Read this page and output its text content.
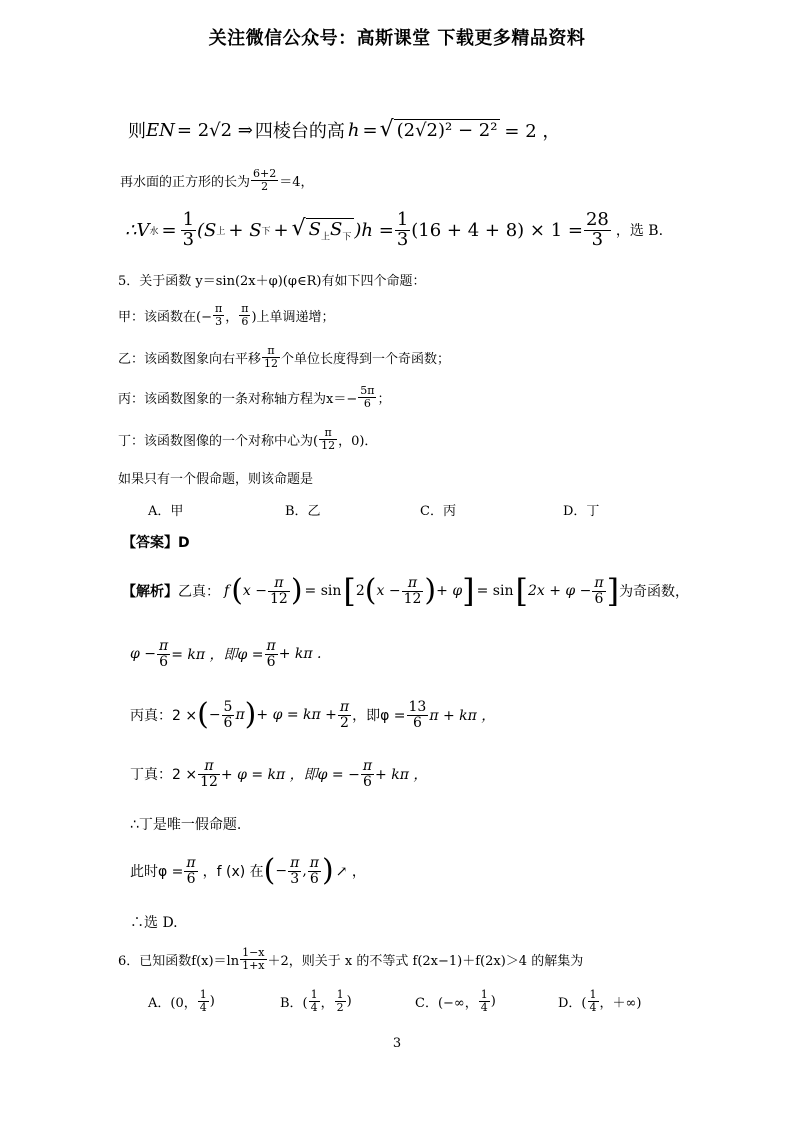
关注微信公众号：高斯课堂 下载更多精品资料
则 EN = 2√2 ⇒ 四棱台的高 h = √ (2√2)² − 2² = 2 ，
再水面的正方形的长为 $\frac{6+2}{2} =4$，
∴V 水 = $\frac{1}{3} (S$ 上 + S 下 + √ $S_上S_下$ )$h = \frac{1}{3} (16 + 4 + 8) \times 1 = \frac{28}{3}$ ，选 B.
5．关于函数 y＝sin(2x＋φ)(φ∈R)有如下四个命题：
甲：该函数在(− $\frac{\pi}{3}$ ， $\frac{\pi}{6}$ )上单调递增；
乙：该函数图象向右平移 $\frac{\pi}{12}$ 个单位长度得到一个奇函数；
丙：该函数图象的一条对称轴方程为$x=- \frac{5\pi}{6}$ ；
丁：该函数图像的一个对称中心为( $\frac{\pi}{12}$ ，0)．
如果只有一个假命题，则该命题是
A．甲	B．乙	C．丙	D．丁
【答案】D
【解析】 乙真： f ( $x - \frac{\pi}{12}$ ) = sin [ 2 ( $x - \frac{\pi}{12}$ ) + φ ] = sin [ $2x + \varphi - \frac{\pi}{6}$ ] 为奇函数，
$\varphi - \frac{\pi}{6} = k\pi$ ，即$\varphi = \frac{\pi}{6} + k\pi$ .
丙真：2 × ( − $\frac{5}{6}$ π ) + $\varphi = k\pi + \frac{\pi}{2}$ ，即$\varphi = \frac{13}{6}$ π + kπ ，
丁真：$2 \times \frac{\pi}{12} + \varphi = k\pi$ ，即φ = − $\frac{\pi}{6} + k\pi$ ，
∴丁是唯一假命题.
此时$\varphi = \frac{\pi}{6}$ ，f (x) 在 ( − $\frac{\pi}{3}$ , $\frac{\pi}{6}$ ) ↗ ，
∴选 D.
6．已知函数$f(x)=\ln \frac{1-x}{1+x} +2$，则关于 x 的不等式 f(2x−1)＋f(2x)＞4 的解集为
A．(0， $\frac{1}{4}$ )	B．( $\frac{1}{4}$ ， $\frac{1}{2}$ )	C．(−∞， $\frac{1}{4}$ )	D．( $\frac{1}{4}$ ，＋∞)
3
